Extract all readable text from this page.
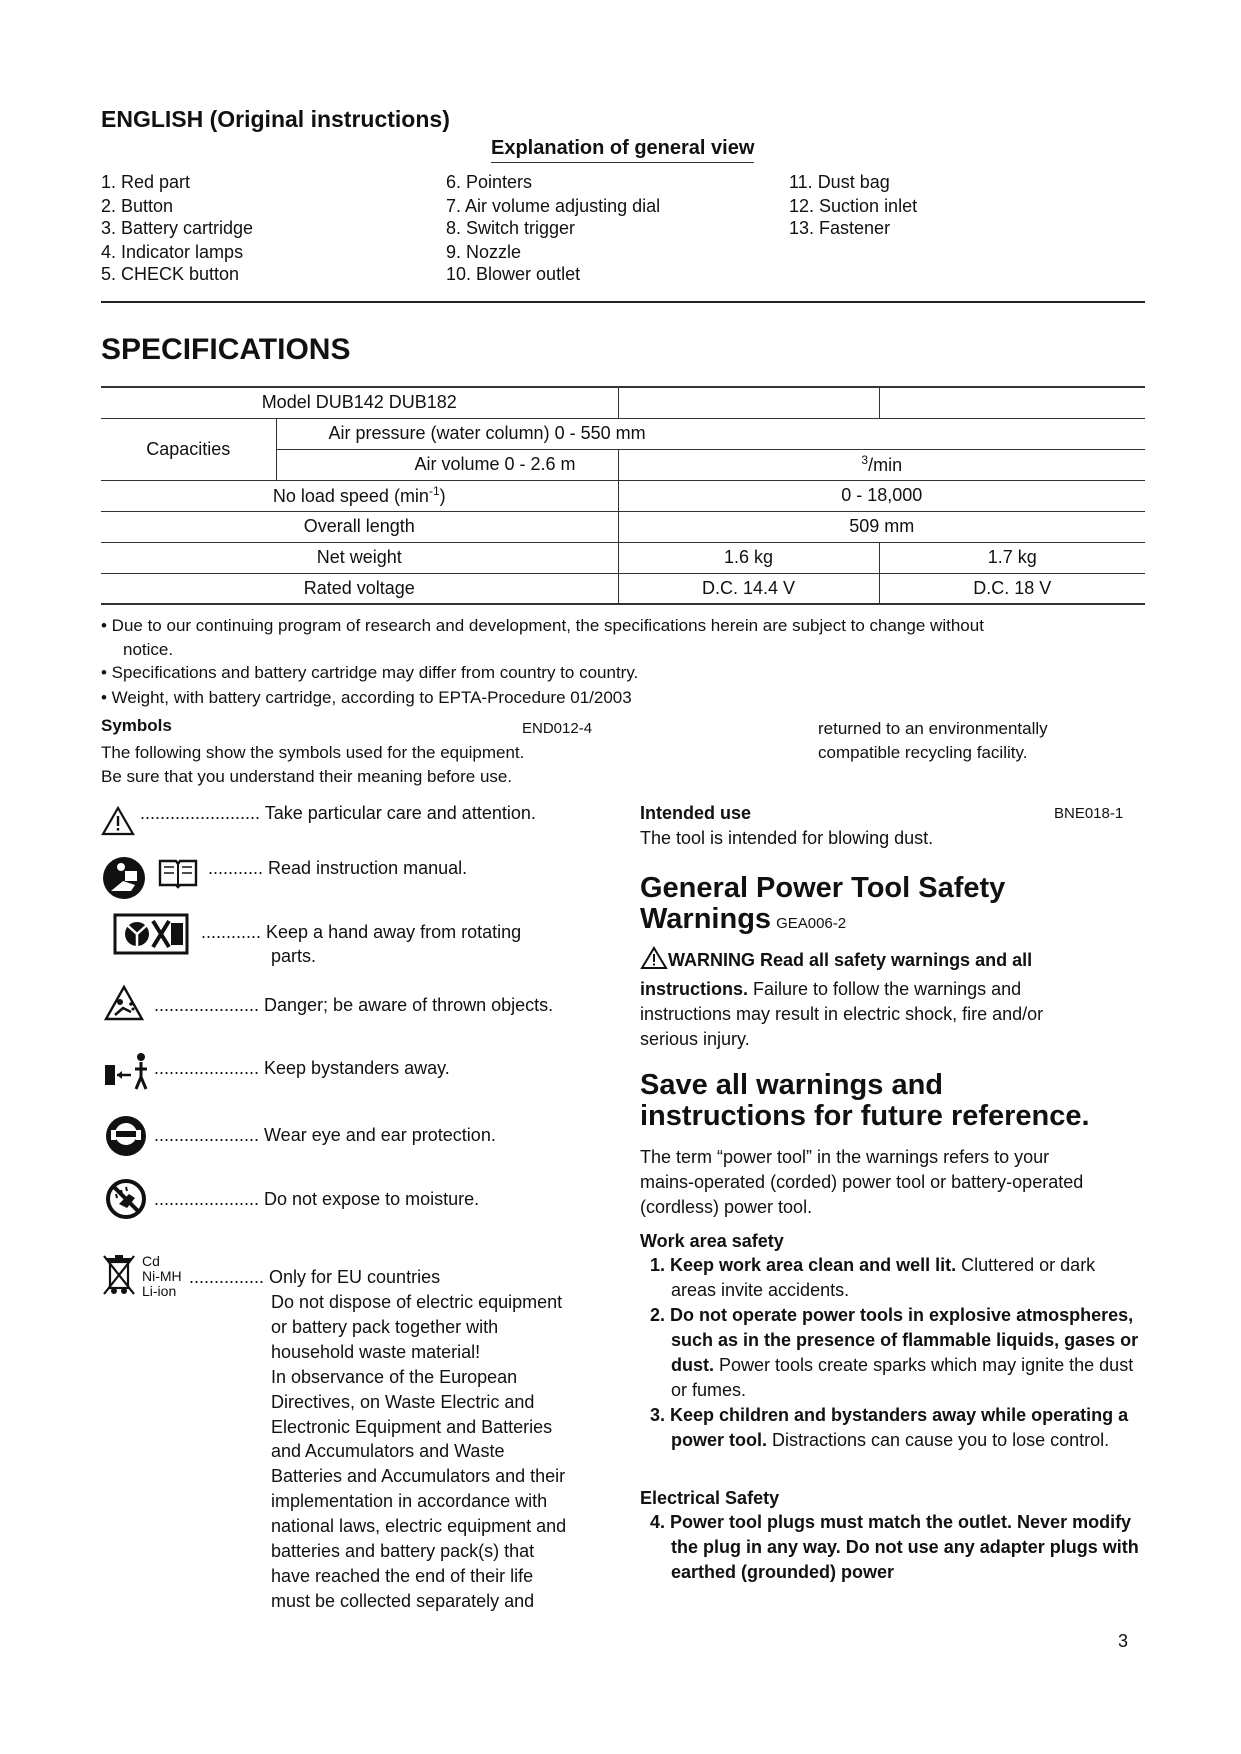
ENGLISH (Original instructions)
Explanation of general view
1. Red part
2. Button
3. Battery cartridge
4. Indicator lamps
5. CHECK button
6. Pointers
7. Air volume adjusting dial
8. Switch trigger
9. Nozzle
10. Blower outlet
11. Dust bag
12. Suction inlet
13. Fastener
SPECIFICATIONS
Model DUB142 DUB182			
Capacities	Air pressure (water column) 0 - 550 mm		
	Air volume 0 - 2.6 m	$^3$/min	
No load speed $(\min^{-1})$		0 - 18,000	
Overall length		509 mm	
Net weight		1.6 kg	1.7 kg
Rated voltage		D.C. 14.4 V	D.C. 18 V
• Due to our continuing program of research and development, the specifications herein are subject to change without
notice.
• Specifications and battery cartridge may differ from country to country.
• Weight, with battery cartridge, according to EPTA-Procedure 01/2003
Symbols	END012-4
The following show the symbols used for the equipment.
Be sure that you understand their meaning before use.
returned to an environmentally
compatible recycling facility.
........................ Take particular care and attention.
........... Read instruction manual.
............ Keep a hand away from rotating
parts.
..................... Danger; be aware of thrown objects.
..................... Keep bystanders away.
..................... Wear eye and ear protection.
..................... Do not expose to moisture.
Cd
Ni-MH
Li-ion
............... Only for EU countries
Do not dispose of electric equipment
or battery pack together with
household waste material!
In observance of the European
Directives, on Waste Electric and
Electronic Equipment and Batteries
and Accumulators and Waste
Batteries and Accumulators and their
implementation in accordance with
national laws, electric equipment and
batteries and battery pack(s) that
have reached the end of their life
must be collected separately and
Intended use	BNE018-1
The tool is intended for blowing dust.
General Power Tool Safety
Warnings GEA006-2
WARNING Read all safety warnings and all
instructions. Failure to follow the warnings and
instructions may result in electric shock, fire and/or
serious injury.
Save all warnings and
instructions for future reference.
The term “power tool” in the warnings refers to your
mains-operated (corded) power tool or battery-operated
(cordless) power tool.
Work area safety
1. Keep work area clean and well lit. Cluttered or dark areas invite accidents.
2. Do not operate power tools in explosive atmospheres, such as in the presence of flammable liquids, gases or dust. Power tools create sparks which may ignite the dust or fumes.
3. Keep children and bystanders away while operating a power tool. Distractions can cause you to lose control.
Electrical Safety
4. Power tool plugs must match the outlet. Never modify the plug in any way. Do not use any adapter plugs with earthed (grounded) power
3
